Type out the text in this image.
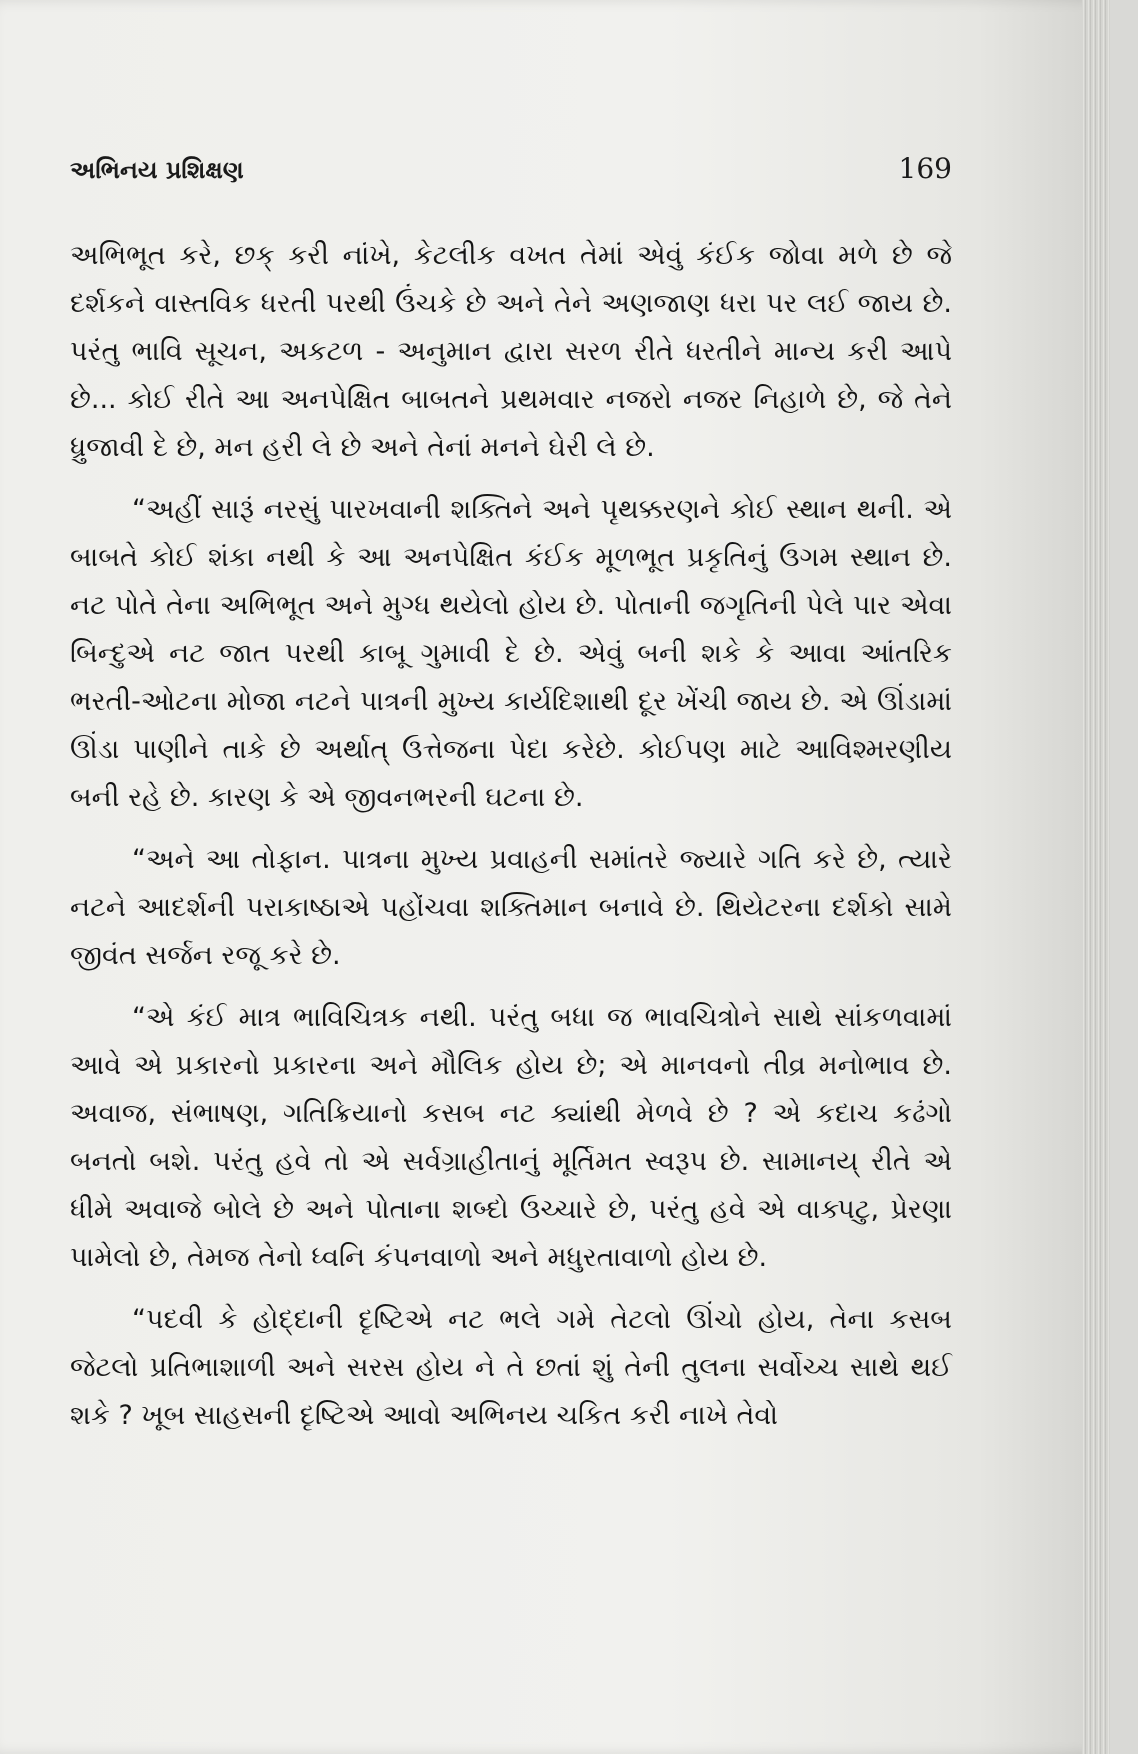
અભિનય પ્રશિક્ષણ	169

અભિભૂત કરે, છક્ કરી નાંખે, કેટલીક વખત તેમાં એવું કંઈક જોવા મળે છે જે દર્શકને વાસ્તવિક ધરતી પરથી ઉંચકે છે અને તેને અણજાણ ધરા પર લઈ જાય છે. પરંતુ ભાવિ સૂચન, અકટળ - અનુમાન દ્વારા સરળ રીતે ધરતીને માન્ય કરી આપે છે... કોઈ રીતે આ અનપેક્ષિત બાબતને પ્રથમવાર નજરો નજર નિહાળે છે, જે તેને ધ્રુજાવી દે છે, મન હરી લે છે અને તેનાં મનને ઘેરી લે છે.

“અહીં સારૂં નરસું પારખવાની શક્તિને અને પૃથક્કરણને કોઈ સ્થાન થની. એ બાબતે કોઈ શંકા નથી કે આ અનપેક્ષિત કંઈક મૂળભૂત પ્રકૃતિનું ઉગમ સ્થાન છે. નટ પોતે તેના અભિભૂત અને મુગ્ધ થયેલો હોય છે. પોતાની જગૃતિની પેલે પાર એવા બિન્દુએ નટ જાત પરથી કાબૂ ગુમાવી દે છે. એવું બની શકે કે આવા આંતરિક ભરતી-ઓટના મોજા નટને પાત્રની મુખ્ય કાર્યદિશાથી દૂર ખેંચી જાય છે. એ ઊંડામાં ઊંડા પાણીને તાકે છે અર્થાત્ ઉત્તેજના પેદા કરેછે. કોઈપણ માટે આવિશ્મરણીય બની રહે છે. કારણ કે એ જીવનભરની ઘટના છે.

“અને આ તોફાન. પાત્રના મુખ્ય પ્રવાહની સમાંતરે જ્યારે ગતિ કરે છે, ત્યારે નટને આદર્શની પરાકાષ્ઠાએ પહોંચવા શક્તિમાન બનાવે છે. થિયેટરના દર્શકો સામે જીવંત સર્જન રજૂ કરે છે.

“એ કંઈ માત્ર ભાવિચિત્રક નથી. પરંતુ બધા જ ભાવચિત્રોને સાથે સાંકળવામાં આવે એ પ્રકારનો પ્રકારના અને મૌલિક હોય છે; એ માનવનો તીવ્ર મનોભાવ છે. અવાજ, સંભાષણ, ગતિક્રિયાનો કસબ નટ ક્યાંથી મેળવે છે ? એ કદાચ કઢંગો બનતો બશે. પરંતુ હવે તો એ સર્વગ્રાહીતાનું મૂર્તિમત સ્વરૂપ છે. સામાનય્ રીતે એ ધીમે અવાજે બોલે છે અને પોતાના શબ્દો ઉચ્ચારે છે, પરંતુ હવે એ વાક્પટુ, પ્રેરણા પામેલો છે, તેમજ તેનો ધ્વનિ કંપનવાળો અને મધુરતાવાળો હોય છે.

“પદવી કે હોદ્દાની દૃષ્ટિએ નટ ભલે ગમે તેટલો ઊંચો હોય, તેના કસબ જેટલો પ્રતિભાશાળી અને સરસ હોય ને તે છતાં શું તેની તુલના સર્વોચ્ચ સાથે થઈ શકે ? ખૂબ સાહસની દૃષ્ટિએ આવો અભિનય ચકિત કરી નાખે તેવો
